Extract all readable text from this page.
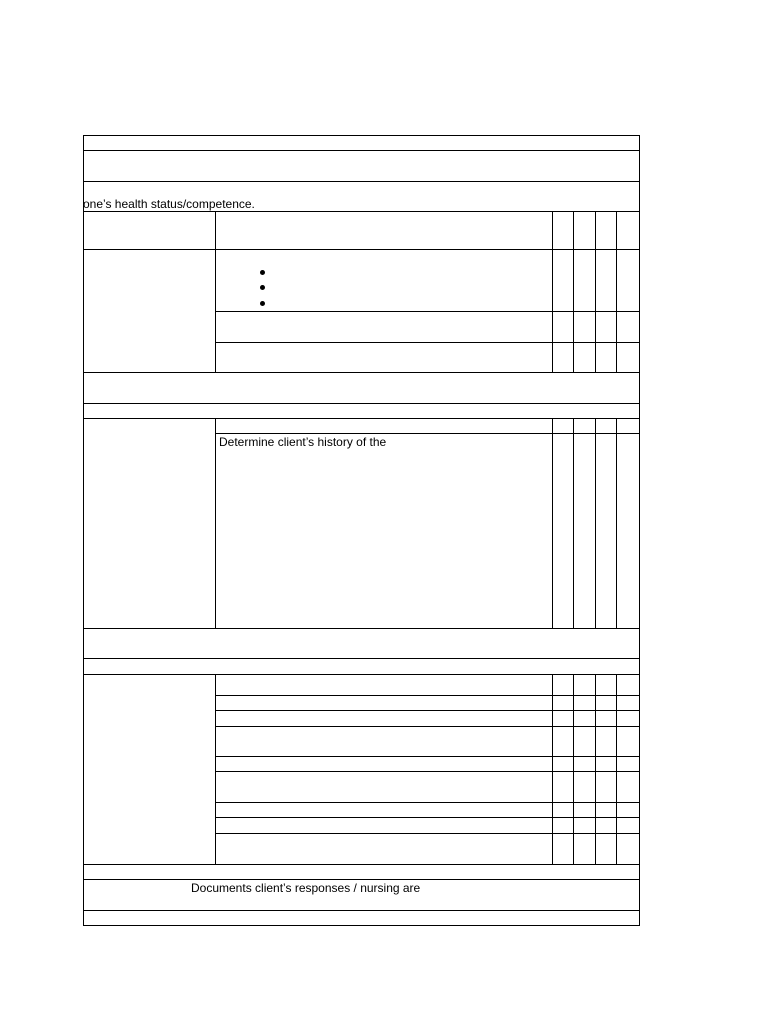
one’s health status/competence.
Determine client’s history of the
Documents client’s responses / nursing are
